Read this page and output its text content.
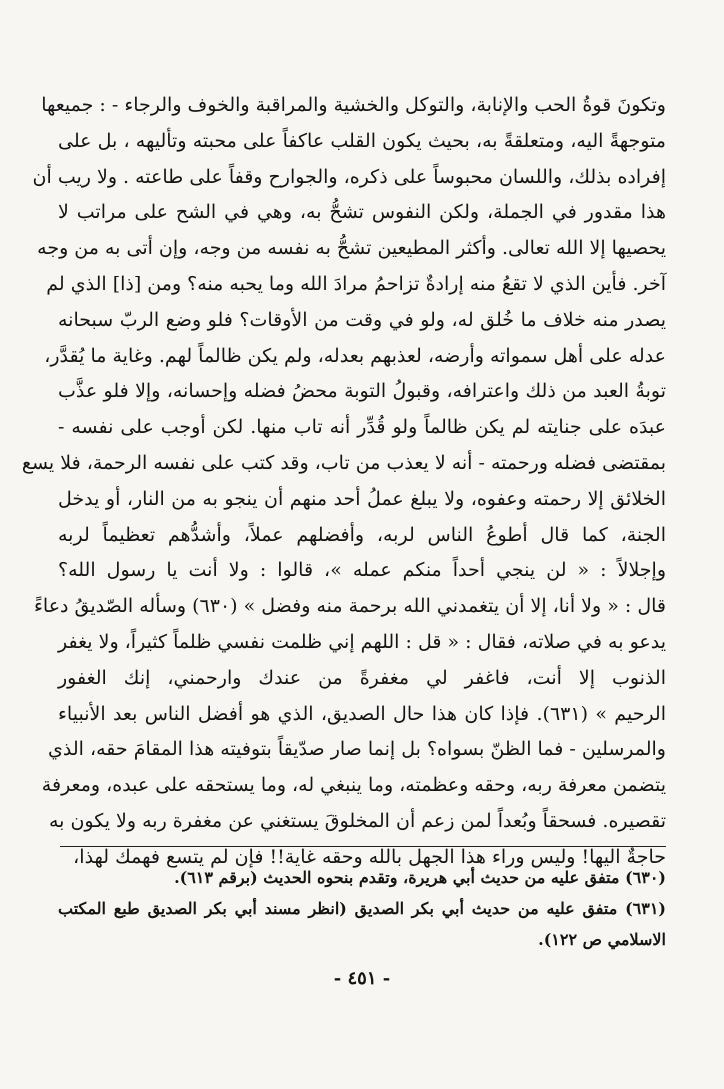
وتكونَ قوةُ الحب والإنابة، والتوكل والخشية والمراقبة والخوف والرجاء - : جميعها
متوجهةً اليه، ومتعلقةً به، بحيث يكون القلب عاكفاً على محبته وتأليهه ، بل على
إفراده بذلك، واللسان محبوساً على ذكره، والجوارح وقفاً على طاعته . ولا ريب أن
هذا مقدور في الجملة، ولكن النفوس تشحُّ به، وهي في الشح على مراتب لا
يحصيها إلا الله تعالى. وأكثر المطيعين تشحُّ به نفسه من وجه، وإن أتى به من وجه
آخر. فأين الذي لا تقعُ منه إرادةٌ تزاحمُ مرادَ الله وما يحبه منه؟ ومن [ذا] الذي لم
يصدر منه خلاف ما خُلق له، ولو في وقت من الأوقات؟ فلو وضع الربّ سبحانه
عدله على أهل سمواته وأرضه، لعذبهم بعدله، ولم يكن ظالماً لهم. وغاية ما يُقدَّر،
توبةُ العبد من ذلك واعترافه، وقبولُ التوبة محضُ فضله وإحسانه، وإلا فلو عذَّب
عبدَه على جنايته لم يكن ظالماً ولو قُدِّر أنه تاب منها. لكن أوجب على نفسه -
بمقتضى فضله ورحمته - أنه لا يعذب من تاب، وقد كتب على نفسه الرحمة، فلا يسع
الخلائق إلا رحمته وعفوه، ولا يبلغ عملُ أحد منهم أن ينجو به من النار، أو يدخل
الجنة، كما قال أطوعُ الناس لربه، وأفضلهم عملاً، وأشدُّهم تعظيماً لربه
وإجلالاً : « لن ينجي أحداً منكم عمله »، قالوا : ولا أنت يا رسول الله؟
قال : « ولا أنا، إلا أن يتغمدني الله برحمة منه وفضل » (٦٣٠) وسأله الصّديقُ دعاءً
يدعو به في صلاته، فقال : « قل : اللهم إني ظلمت نفسي ظلماً كثيراً، ولا يغفر
الذنوب إلا أنت، فاغفر لي مغفرةً من عندك وارحمني، إنك الغفور
الرحيم » (٦٣١). فإذا كان هذا حال الصديق، الذي هو أفضل الناس بعد الأنبياء
والمرسلين - فما الظنّ بسواه؟ بل إنما صار صدّيقاً بتوفيته هذا المقامَ حقه، الذي
يتضمن معرفة ربه، وحقه وعظمته، وما ينبغي له، وما يستحقه على عبده، ومعرفة
تقصيره. فسحقاً وبُعداً لمن زعم أن المخلوقَ يستغني عن مغفرة ربه ولا يكون به
حاجةٌ اليها! وليس وراء هذا الجهل بالله وحقه غاية!! فإن لم يتسع فهمك لهذا،
(٦٣٠) متفق عليه من حديث أبي هريرة، وتقدم بنحوه الحديث (برقم ٦١٣).
(٦٣١) متفق عليه من حديث أبي بكر الصديق (انظر مسند أبي بكر الصديق طبع المكتب
الاسلامي ص ١٢٢).
- ٤٥١ -
